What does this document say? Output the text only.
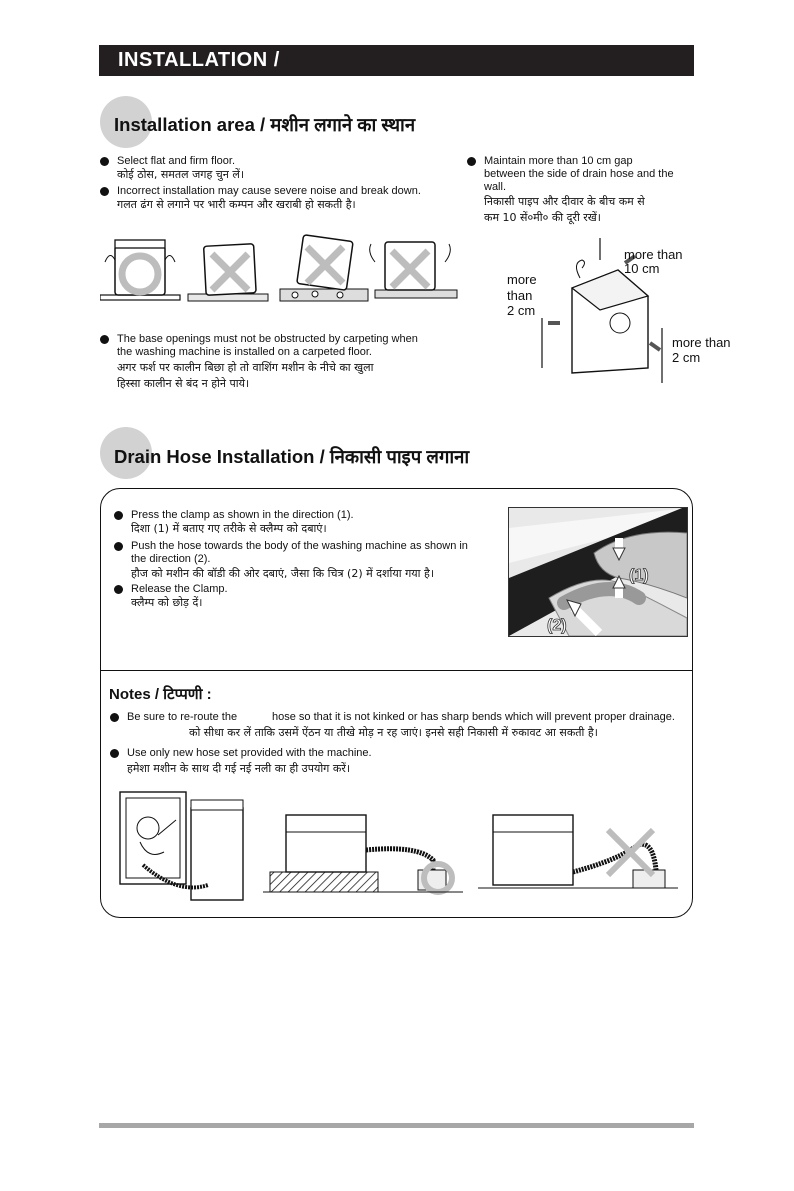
INSTALLATION /
Installation area / मशीन लगाने का स्थान
Select flat and firm floor.
कोई ठोस, समतल जगह चुन लें।
Incorrect installation may cause severe noise and break down.
गलत ढंग से लगाने पर भारी कम्पन और खराबी हो सकती है।
Maintain more than 10 cm gap
between the side of drain hose and the
wall.
निकासी पाइप और दीवार के बीच कम से
कम 10 सें०मी० की दूरी रखें।
more than
10 cm
more
than
2 cm
more than
2 cm
The base openings must not be obstructed by carpeting when
the washing machine is installed on a carpeted floor.
अगर फर्श पर कालीन बिछा हो तो वाशिंग मशीन के नीचे का खुला
हिस्सा कालीन से बंद न होने पाये।
Drain Hose Installation / निकासी पाइप लगाना
Press the clamp as shown in the direction (1).
दिशा (1) में बताए गए तरीके से क्लैम्प को दबाएं।
Push the hose towards the body of the washing machine as shown in
the direction (2).
हौज को मशीन की बॉडी की ओर दबाएं, जैसा कि चित्र (2) में दर्शाया गया है।
Release the Clamp.
क्लैम्प को छोड़ दें।
(1)
(2)
Notes / टिप्पणी :
Be sure to re-route the	hose so that it is not kinked or has sharp bends which will prevent proper drainage.
को सीधा कर लें ताकि उसमें ऐंठन या तीखे मोड़ न रह जाएं। इनसे सही निकासी में रुकावट आ सकती है।
Use only new hose set provided with the machine.
हमेशा मशीन के साथ दी गई नई नली का ही उपयोग करें।
